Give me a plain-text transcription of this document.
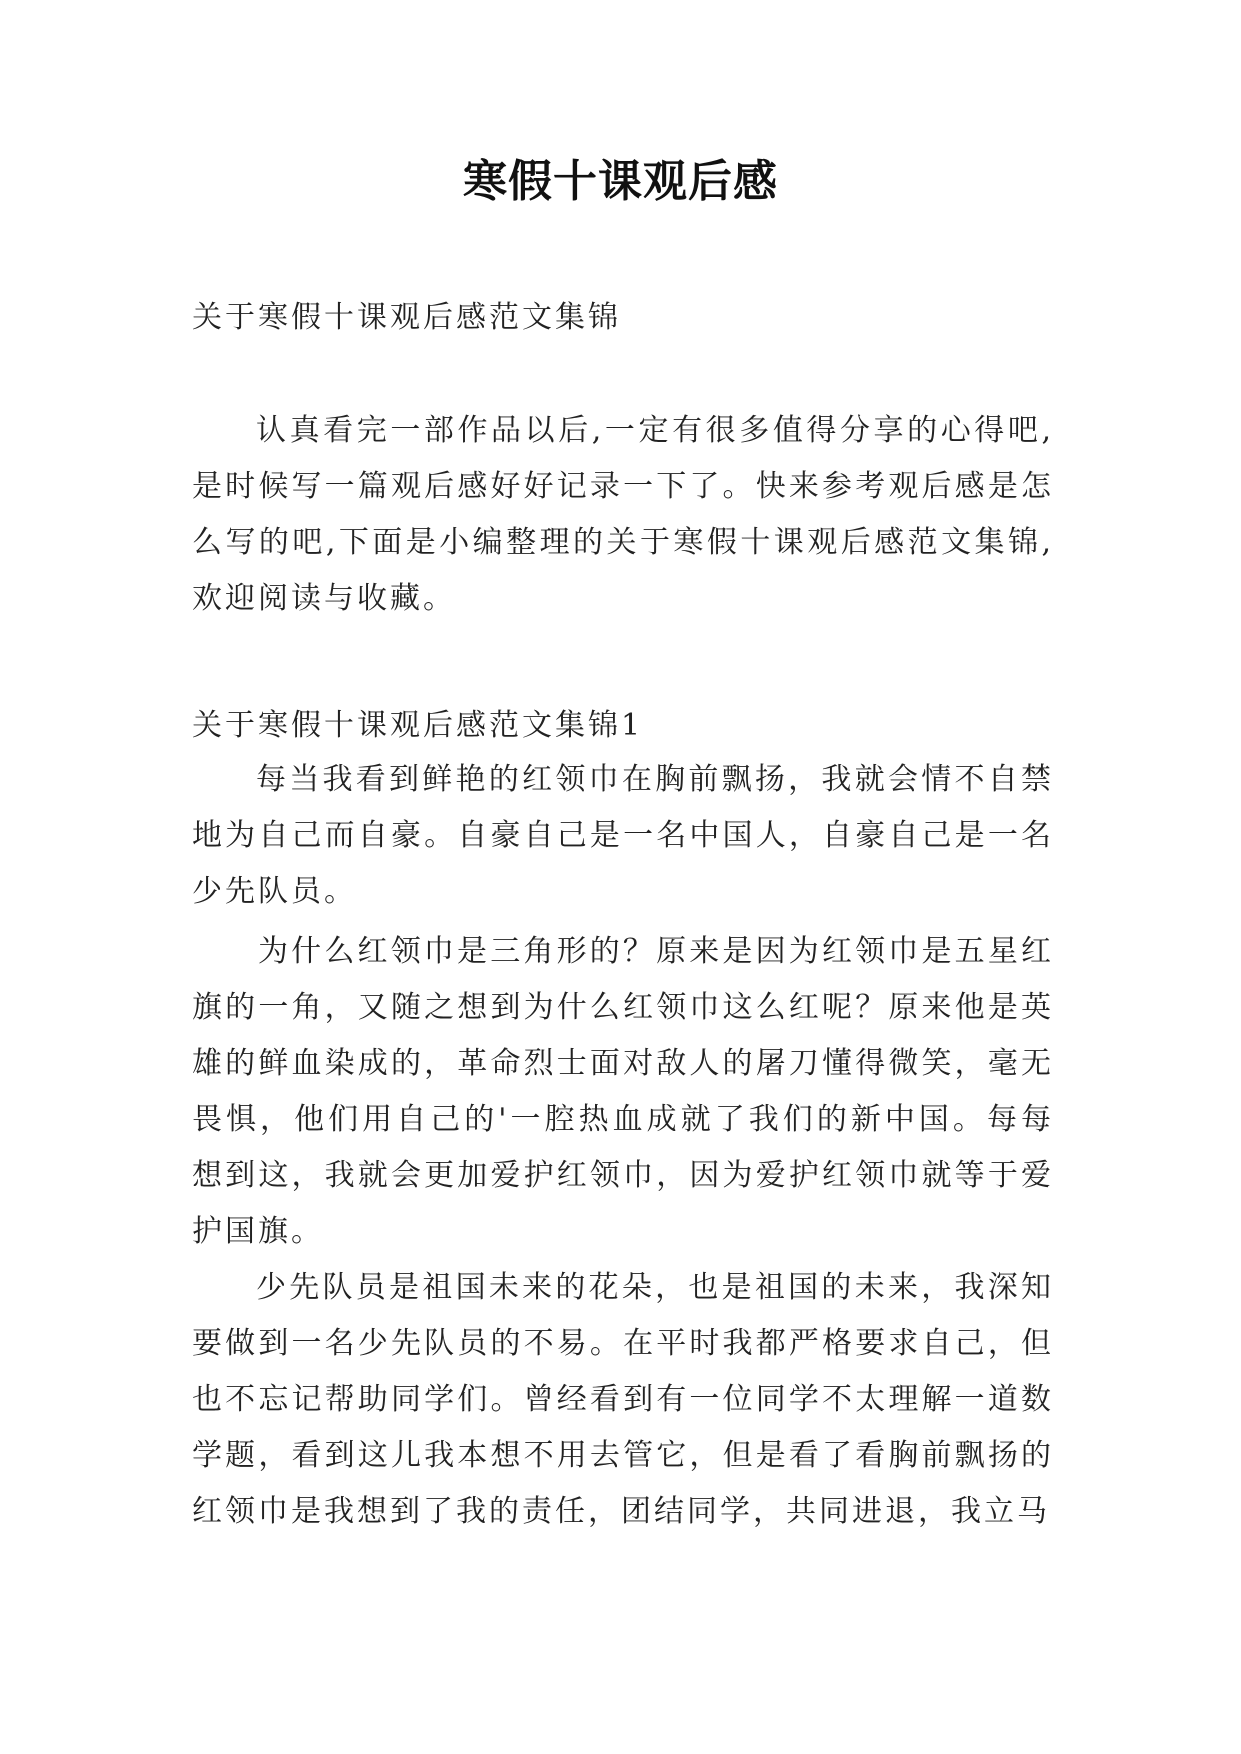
寒假十课观后感

关于寒假十课观后感范文集锦

认真看完一部作品以后,一定有很多值得分享的心得吧,是时候写一篇观后感好好记录一下了。快来参考观后感是怎么写的吧,下面是小编整理的关于寒假十课观后感范文集锦,欢迎阅读与收藏。

关于寒假十课观后感范文集锦1

每当我看到鲜艳的红领巾在胸前飘扬，我就会情不自禁地为自己而自豪。自豪自己是一名中国人，自豪自己是一名少先队员。

为什么红领巾是三角形的？原来是因为红领巾是五星红旗的一角，又随之想到为什么红领巾这么红呢？原来他是英雄的鲜血染成的，革命烈士面对敌人的屠刀懂得微笑，毫无畏惧，他们用自己的'一腔热血成就了我们的新中国。每每想到这，我就会更加爱护红领巾，因为爱护红领巾就等于爱护国旗。

少先队员是祖国未来的花朵，也是祖国的未来，我深知要做到一名少先队员的不易。在平时我都严格要求自己，但也不忘记帮助同学们。曾经看到有一位同学不太理解一道数学题，看到这儿我本想不用去管它，但是看了看胸前飘扬的红领巾是我想到了我的责任，团结同学，共同进退，我立马
